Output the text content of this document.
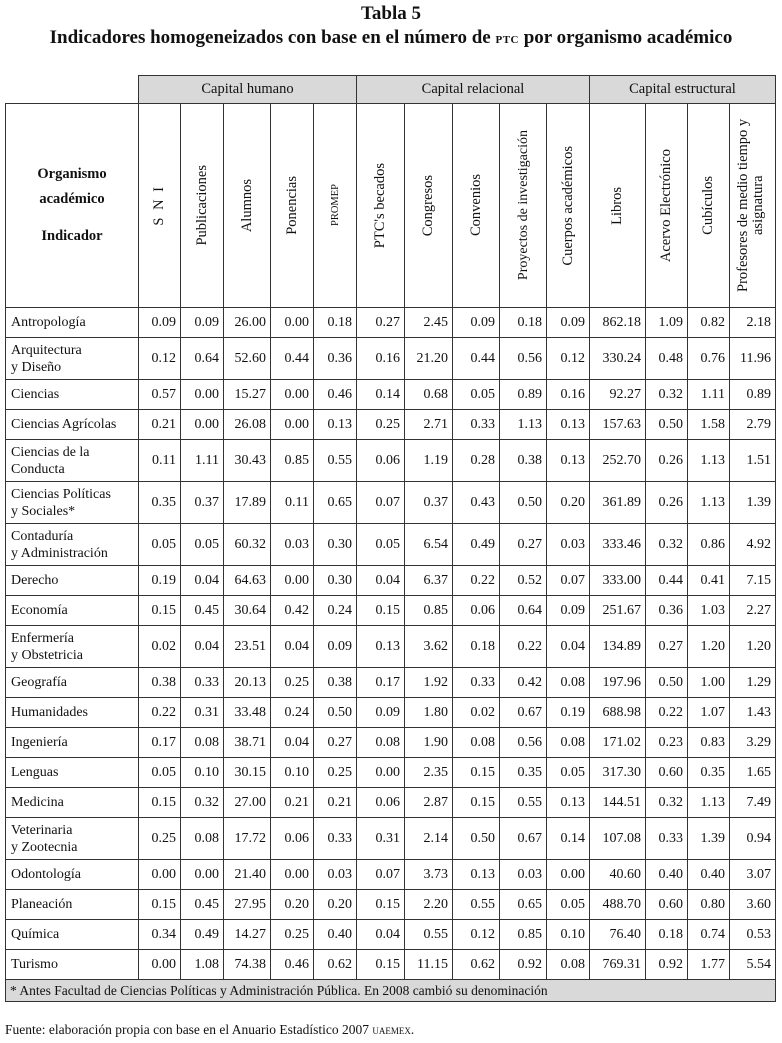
Tabla 5
Indicadores homogeneizados con base en el número de ptc por organismo académico
	Capital humano					Capital relacional					Capital estructural			

Organismo
académico
Indicador	S N I	Publicaciones	Alumnos	Ponencias	PROMEP	PTC's becados	Congresos	Convenios	Proyectos de investigación	Cuerpos académicos	Libros	Acervo Electrónico	Cubículos	Profesores de medio tiempo y asignatura

Antropología	0.09	0.09	26.00	0.00	0.18	0.27	2.45	0.09	0.18	0.09	862.18	1.09	0.82	2.18

Arquitectura
y Diseño	0.12	0.64	52.60	0.44	0.36	0.16	21.20	0.44	0.56	0.12	330.24	0.48	0.76	11.96

Ciencias	0.57	0.00	15.27	0.00	0.46	0.14	0.68	0.05	0.89	0.16	92.27	0.32	1.11	0.89

Ciencias Agrícolas	0.21	0.00	26.08	0.00	0.13	0.25	2.71	0.33	1.13	0.13	157.63	0.50	1.58	2.79

Ciencias de la
Conducta	0.11	1.11	30.43	0.85	0.55	0.06	1.19	0.28	0.38	0.13	252.70	0.26	1.13	1.51

Ciencias Políticas
y Sociales*	0.35	0.37	17.89	0.11	0.65	0.07	0.37	0.43	0.50	0.20	361.89	0.26	1.13	1.39

Contaduría
y Administración	0.05	0.05	60.32	0.03	0.30	0.05	6.54	0.49	0.27	0.03	333.46	0.32	0.86	4.92

Derecho	0.19	0.04	64.63	0.00	0.30	0.04	6.37	0.22	0.52	0.07	333.00	0.44	0.41	7.15

Economía	0.15	0.45	30.64	0.42	0.24	0.15	0.85	0.06	0.64	0.09	251.67	0.36	1.03	2.27

Enfermería
y Obstetricia	0.02	0.04	23.51	0.04	0.09	0.13	3.62	0.18	0.22	0.04	134.89	0.27	1.20	1.20

Geografía	0.38	0.33	20.13	0.25	0.38	0.17	1.92	0.33	0.42	0.08	197.96	0.50	1.00	1.29

Humanidades	0.22	0.31	33.48	0.24	0.50	0.09	1.80	0.02	0.67	0.19	688.98	0.22	1.07	1.43

Ingeniería	0.17	0.08	38.71	0.04	0.27	0.08	1.90	0.08	0.56	0.08	171.02	0.23	0.83	3.29

Lenguas	0.05	0.10	30.15	0.10	0.25	0.00	2.35	0.15	0.35	0.05	317.30	0.60	0.35	1.65

Medicina	0.15	0.32	27.00	0.21	0.21	0.06	2.87	0.15	0.55	0.13	144.51	0.32	1.13	7.49

Veterinaria
y Zootecnia	0.25	0.08	17.72	0.06	0.33	0.31	2.14	0.50	0.67	0.14	107.08	0.33	1.39	0.94

Odontología	0.00	0.00	21.40	0.00	0.03	0.07	3.73	0.13	0.03	0.00	40.60	0.40	0.40	3.07

Planeación	0.15	0.45	27.95	0.20	0.20	0.15	2.20	0.55	0.65	0.05	488.70	0.60	0.80	3.60

Química	0.34	0.49	14.27	0.25	0.40	0.04	0.55	0.12	0.85	0.10	76.40	0.18	0.74	0.53

Turismo	0.00	1.08	74.38	0.46	0.62	0.15	11.15	0.62	0.92	0.08	769.31	0.92	1.77	5.54
* Antes Facultad de Ciencias Políticas y Administración Pública. En 2008 cambió su denominación														
Fuente: elaboración propia con base en el Anuario Estadístico 2007 uaemex.
